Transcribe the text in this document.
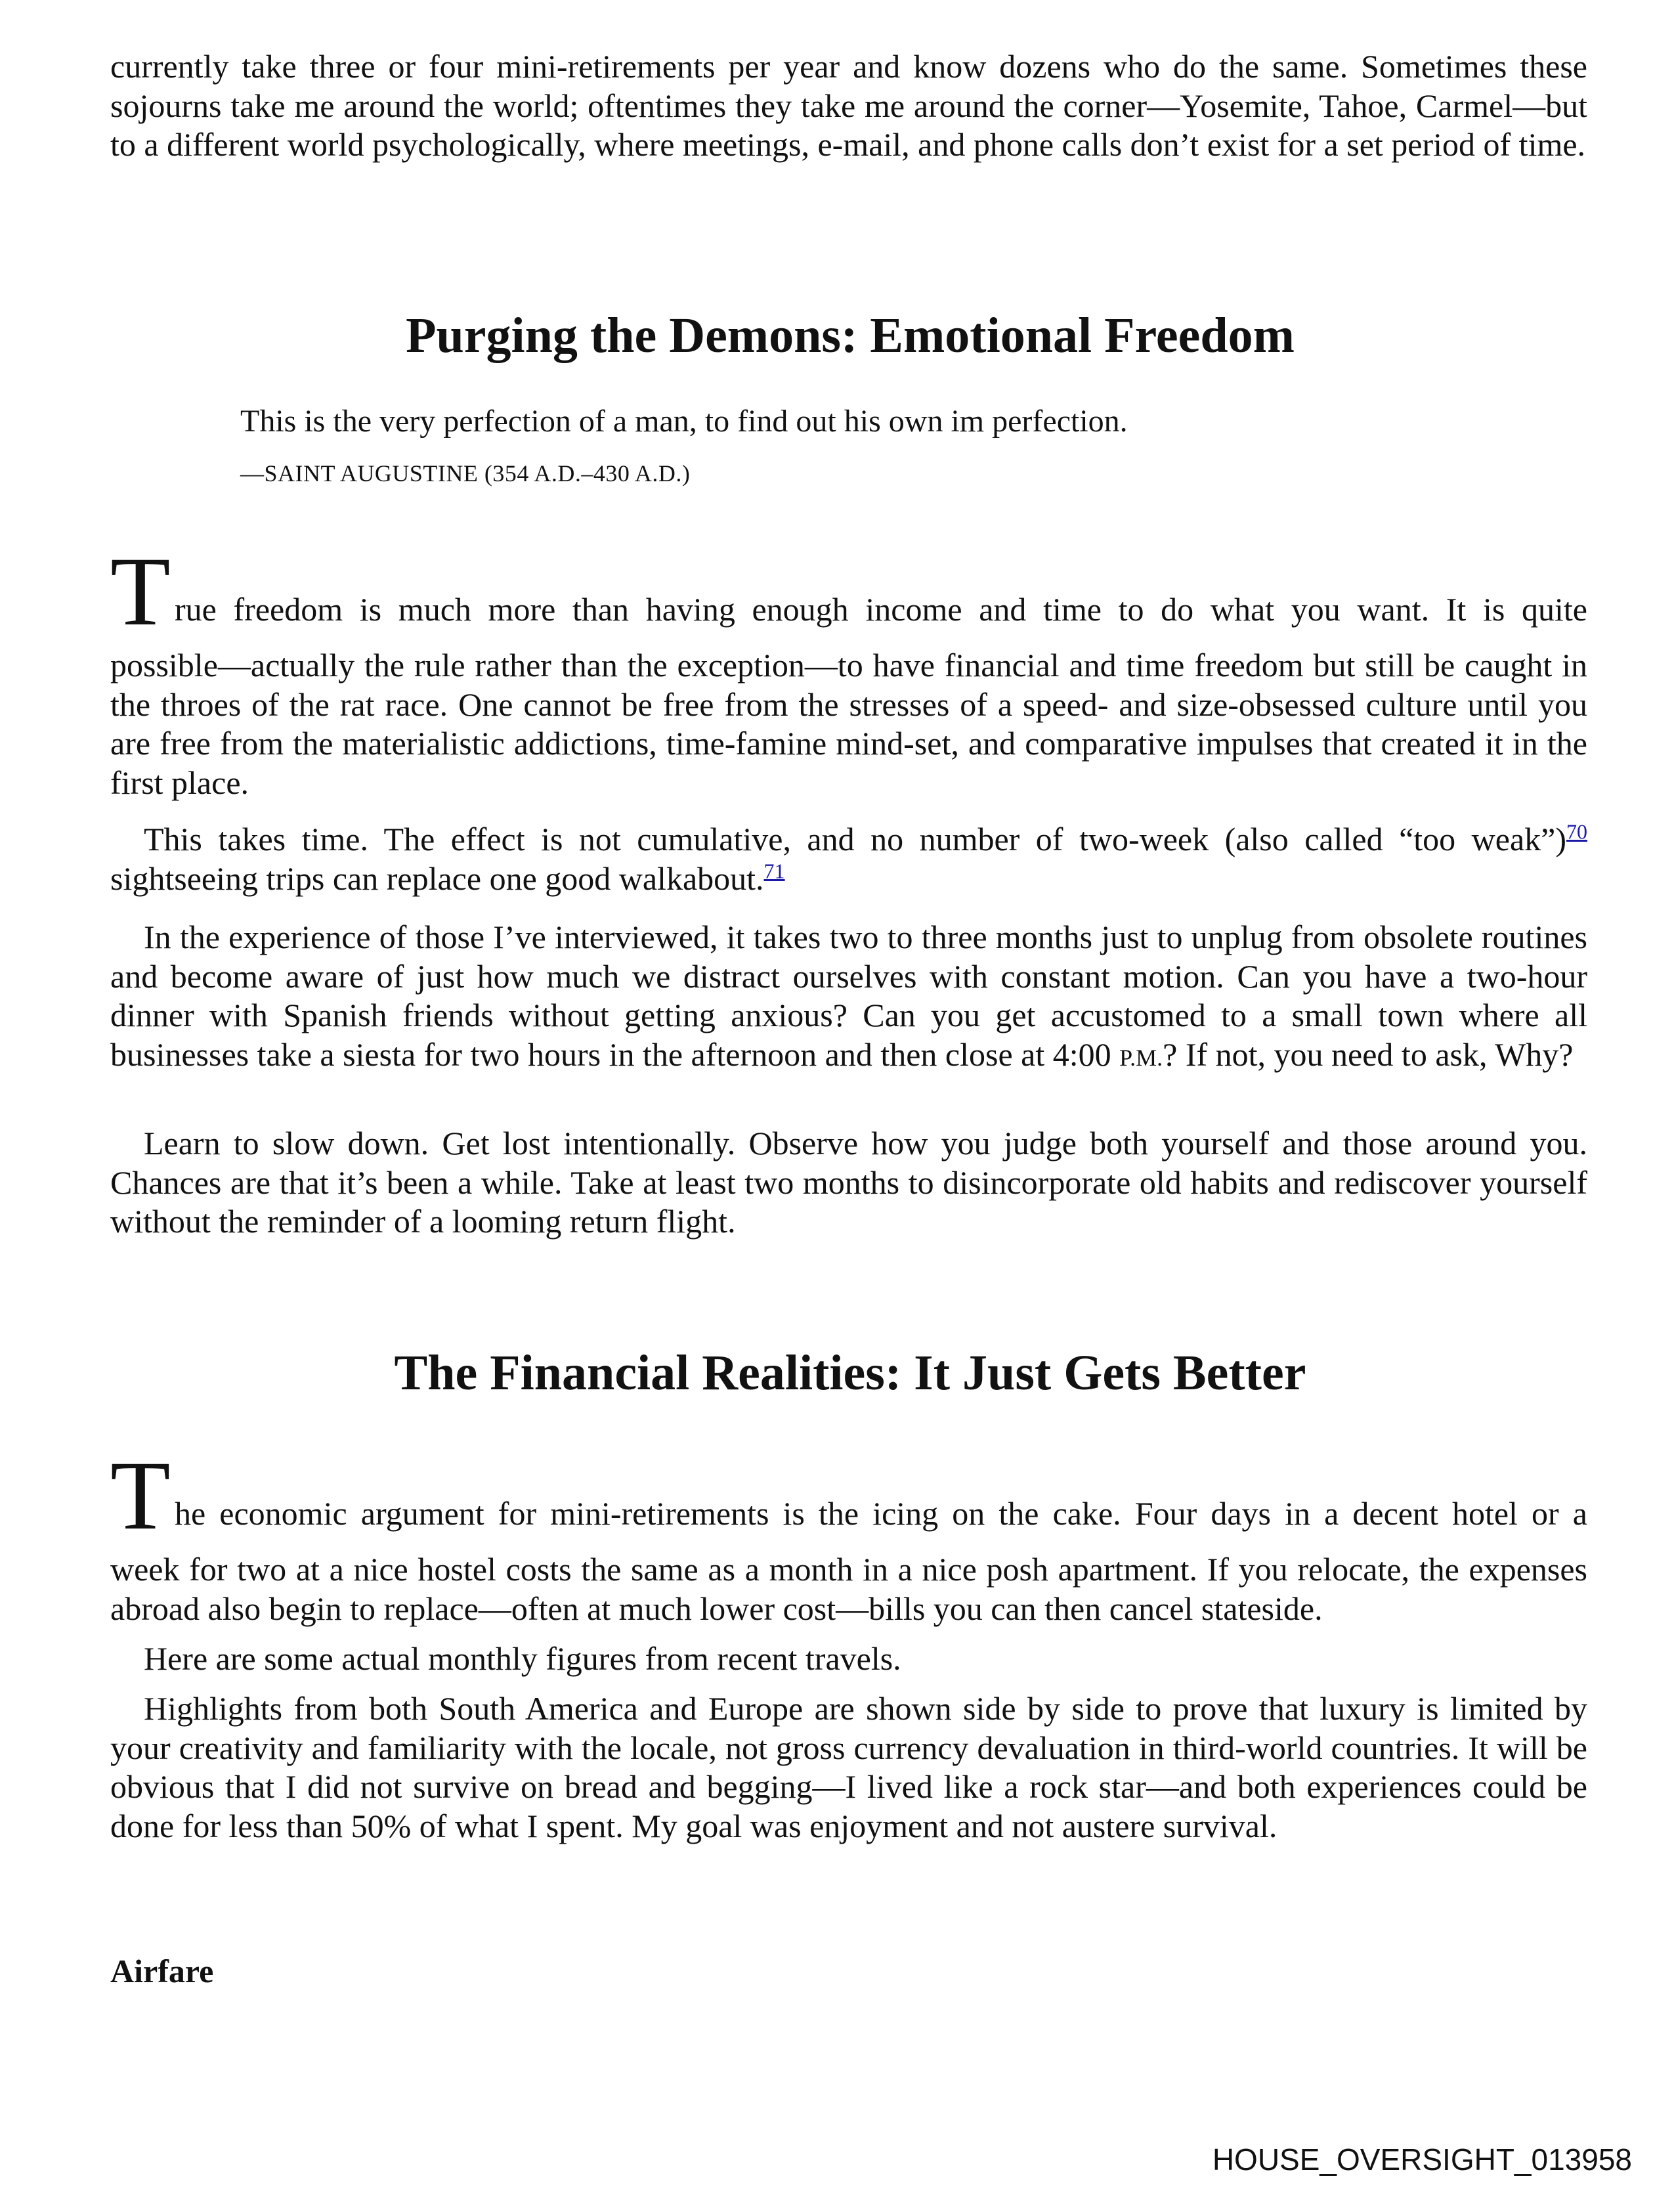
currently take three or four mini-retirements per year and know dozens who do the same. Sometimes these sojourns take me around the world; oftentimes they take me around the corner—Yosemite, Tahoe, Carmel—but to a different world psychologically, where meetings, e-mail, and phone calls don’t exist for a set period of time.

Purging the Demons: Emotional Freedom
This is the very perfection of a man, to find out his own im perfection.
—SAINT AUGUSTINE (354 A.D.–430 A.D.)
T rue freedom is much more than having enough income and time to do what you want. It is quite

possible—actually the rule rather than the exception—to have financial and time freedom but still be caught in the throes of the rat race. One cannot be free from the stresses of a speed- and size-obsessed culture until you are free from the materialistic addictions, time-famine mind-set, and comparative impulses that created it in the first place.

This takes time. The effect is not cumulative, and no number of two-week (also called “too weak”)$^{70}$ sightseeing trips can replace one good walkabout.$^{71}$

In the experience of those I’ve interviewed, it takes two to three months just to unplug from obsolete routines and become aware of just how much we distract ourselves with constant motion. Can you have a two-hour dinner with Spanish friends without getting anxious? Can you get accustomed to a small town where all businesses take a siesta for two hours in the afternoon and then close at 4:00 P.M.? If not, you need to ask, Why?

Learn to slow down. Get lost intentionally. Observe how you judge both yourself and those around you. Chances are that it’s been a while. Take at least two months to disincorporate old habits and rediscover yourself without the reminder of a looming return flight.

The Financial Realities: It Just Gets Better
T he economic argument for mini-retirements is the icing on the cake. Four days in a decent hotel or a

week for two at a nice hostel costs the same as a month in a nice posh apartment. If you relocate, the expenses abroad also begin to replace—often at much lower cost—bills you can then cancel stateside.

Here are some actual monthly figures from recent travels.

Highlights from both South America and Europe are shown side by side to prove that luxury is limited by your creativity and familiarity with the locale, not gross currency devaluation in third-world countries. It will be obvious that I did not survive on bread and begging—I lived like a rock star—and both experiences could be done for less than 50% of what I spent. My goal was enjoyment and not austere survival.

Airfare
HOUSE_OVERSIGHT_013958
